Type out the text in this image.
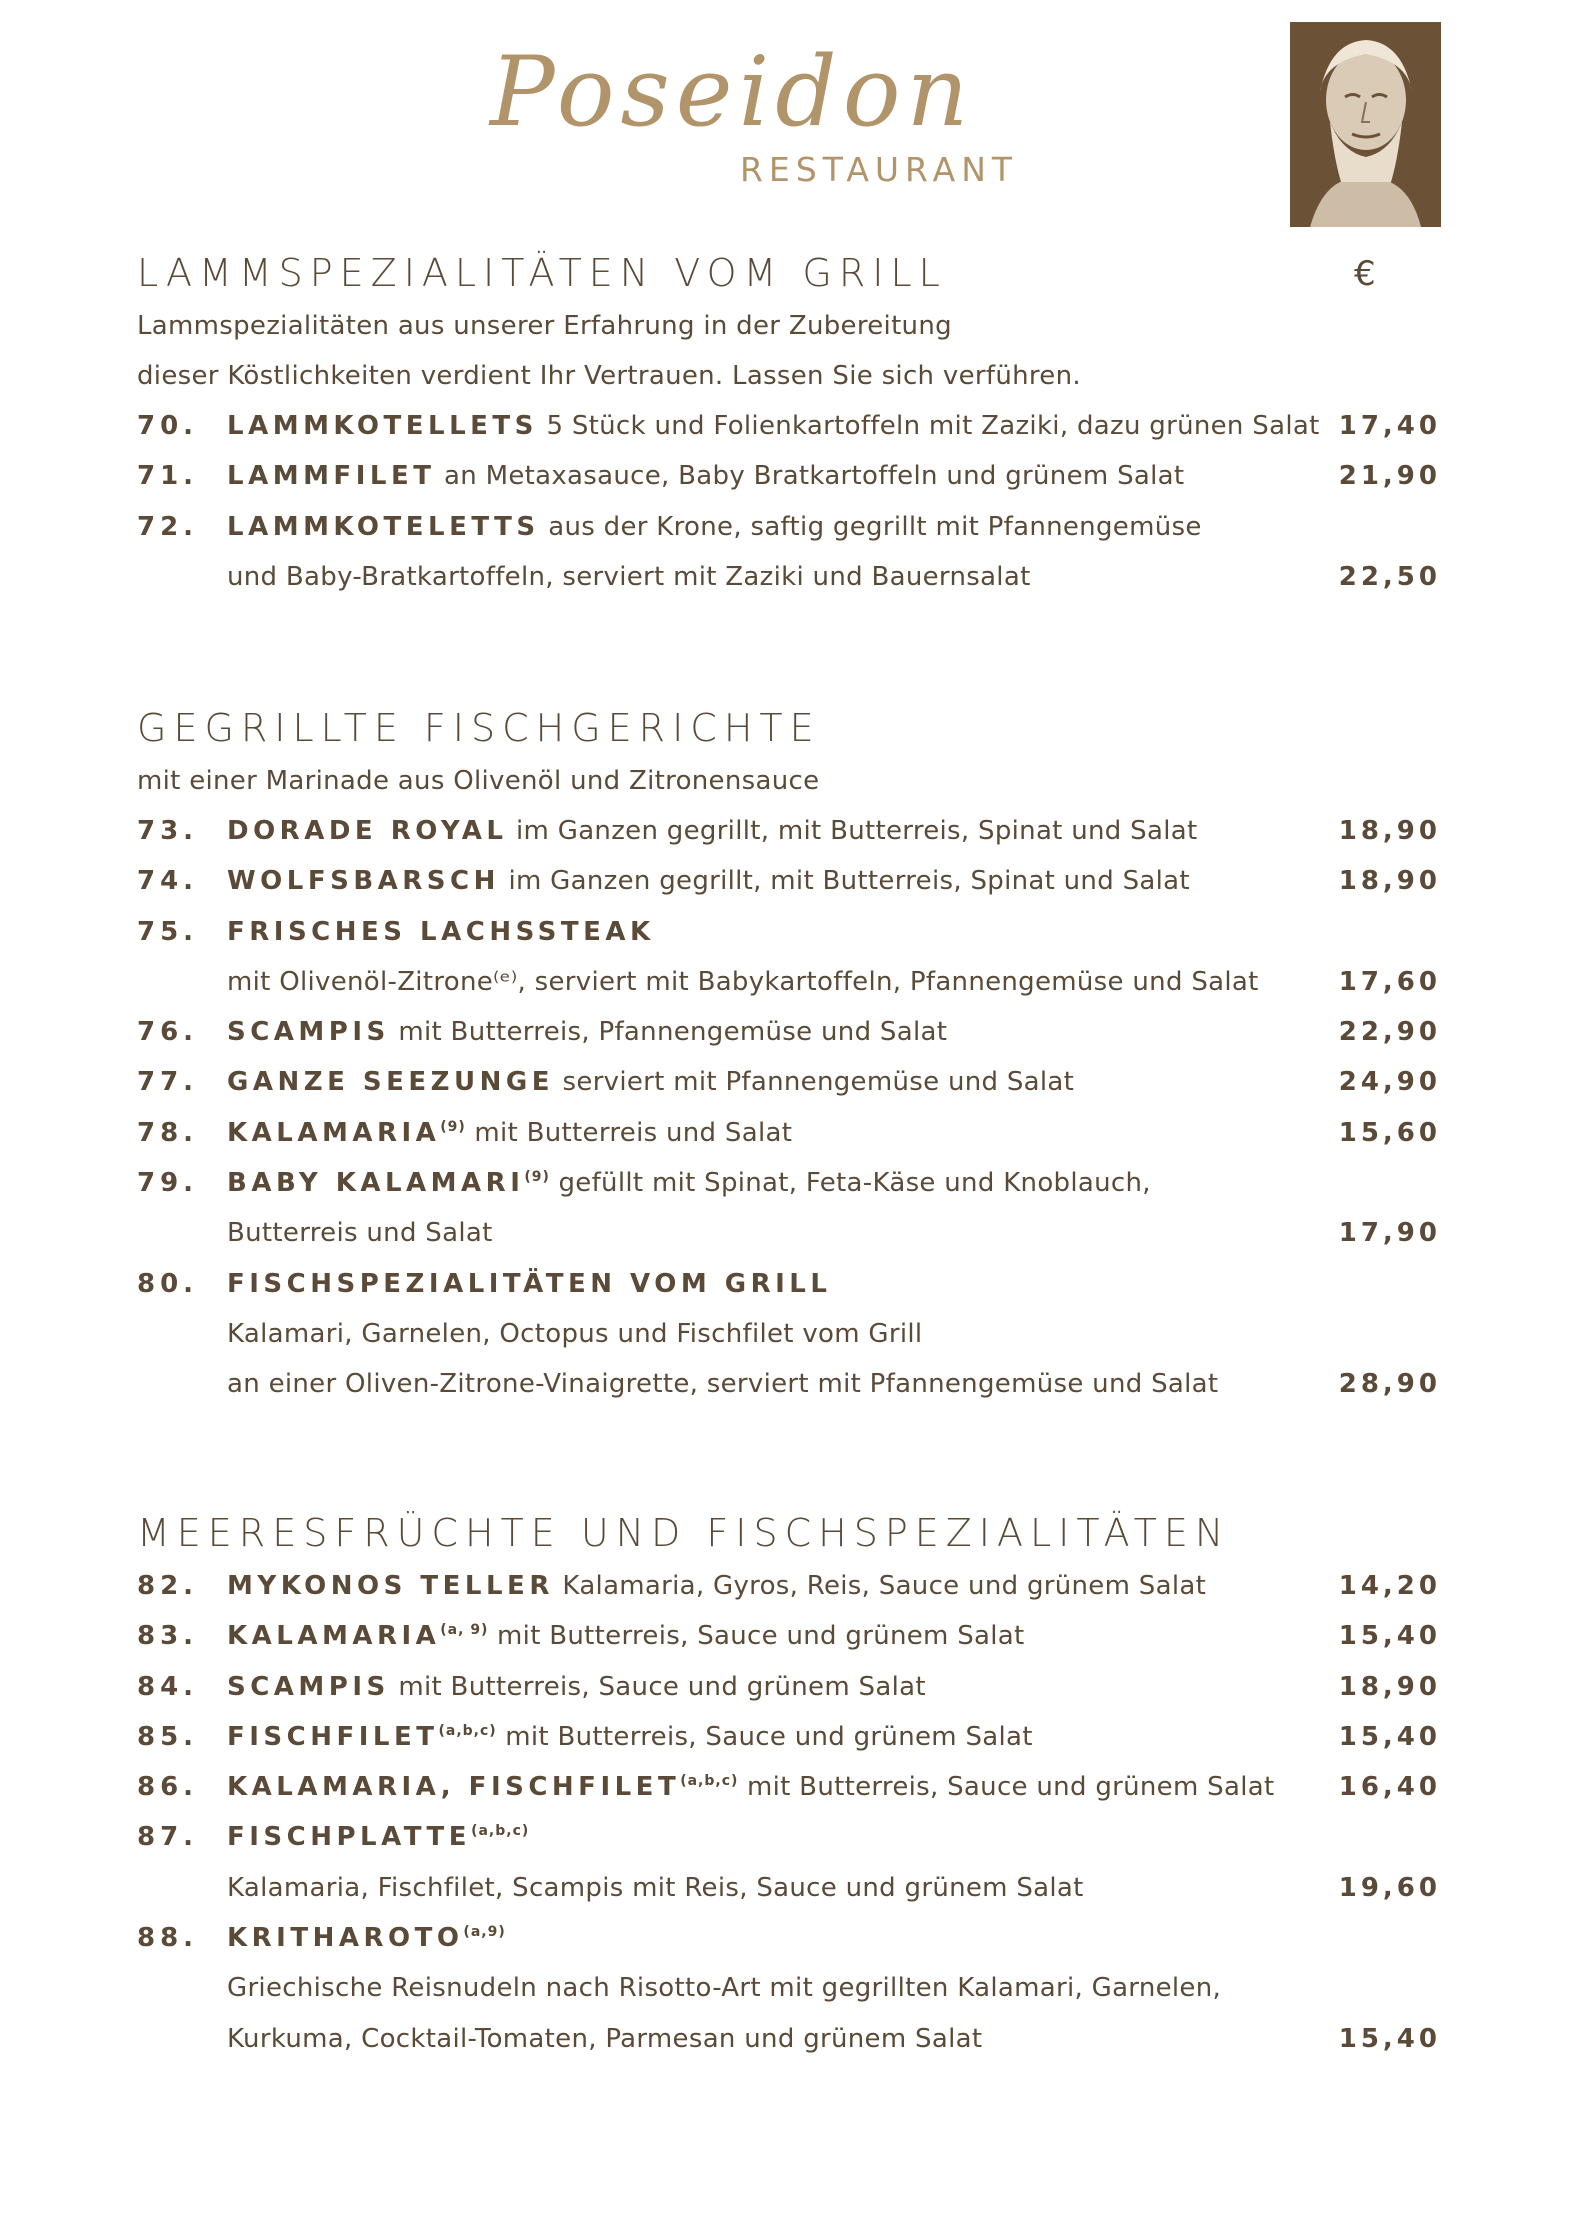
Poseidon
RESTAURANT
€
LAMMSPEZIALITÄTEN VOM GRILL
Lammspezialitäten aus unserer Erfahrung in der Zubereitung
dieser Köstlichkeiten verdient Ihr Vertrauen. Lassen Sie sich verführen.
70. LAMMKOTELLETS 5 Stück und Folienkartoffeln mit Zaziki, dazu grünen Salat 17,40
71. LAMMFILET an Metaxasauce, Baby Bratkartoffeln und grünem Salat	21,90
72. LAMMKOTELETTS aus der Krone, saftig gegrillt mit Pfannengemüse
und Baby-Bratkartoffeln, serviert mit Zaziki und Bauernsalat	22,50
GEGRILLTE FISCHGERICHTE
mit einer Marinade aus Olivenöl und Zitronensauce
73. DORADE ROYAL im Ganzen gegrillt, mit Butterreis, Spinat und Salat	18,90
74. WOLFSBARSCH im Ganzen gegrillt, mit Butterreis, Spinat und Salat	18,90
75. FRISCHES LACHSSTEAK
mit Olivenöl-Zitrone⁽ᵉ⁾, serviert mit Babykartoffeln, Pfannengemüse und Salat	17,60
76. SCAMPIS mit Butterreis, Pfannengemüse und Salat	22,90
77. GANZE SEEZUNGE serviert mit Pfannengemüse und Salat	24,90
78. KALAMARIA$^{(9)}$ mit Butterreis und Salat	15,60
79. BABY KALAMARI$^{(9)}$ gefüllt mit Spinat, Feta-Käse und Knoblauch,
Butterreis und Salat	17,90
80. FISCHSPEZIALITÄTEN VOM GRILL
Kalamari, Garnelen, Octopus und Fischfilet vom Grill
an einer Oliven-Zitrone-Vinaigrette, serviert mit Pfannengemüse und Salat	28,90
MEERESFRÜCHTE UND FISCHSPEZIALITÄTEN
82. MYKONOS TELLER Kalamaria, Gyros, Reis, Sauce und grünem Salat	14,20
83. KALAMARIA$^{(a, 9)}$ mit Butterreis, Sauce und grünem Salat	15,40
84. SCAMPIS mit Butterreis, Sauce und grünem Salat	18,90
85. FISCHFILET$^{(a,b,c)}$ mit Butterreis, Sauce und grünem Salat	15,40
86. KALAMARIA, FISCHFILET$^{(a,b,c)}$ mit Butterreis, Sauce und grünem Salat 16,40
87. FISCHPLATTE$^{(a,b,c)}$
Kalamaria, Fischfilet, Scampis mit Reis, Sauce und grünem Salat	19,60
88. KRITHAROTO$^{(a,9)}$
Griechische Reisnudeln nach Risotto-Art mit gegrillten Kalamari, Garnelen,
Kurkuma, Cocktail-Tomaten, Parmesan und grünem Salat	15,40
